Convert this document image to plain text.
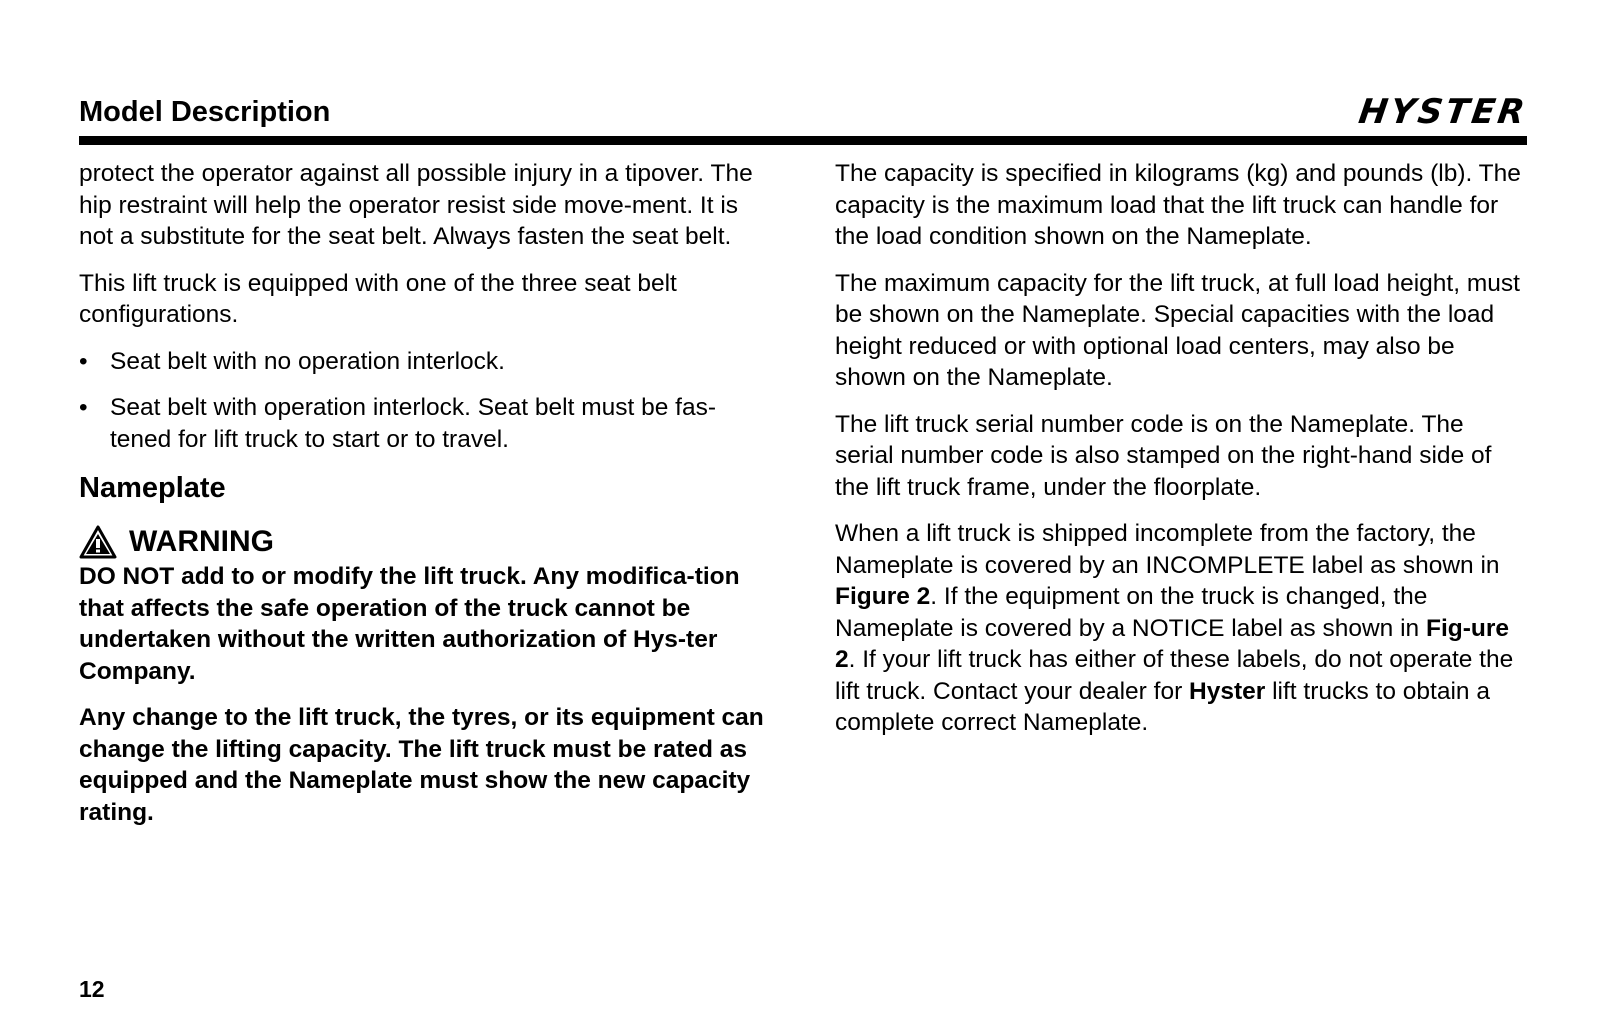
Model Description	HYSTER

protect the operator against all possible injury in a tipover. The hip restraint will help the operator resist side move-ment. It is not a substitute for the seat belt. Always fasten the seat belt.

This lift truck is equipped with one of the three seat belt configurations.

• Seat belt with no operation interlock.
• Seat belt with operation interlock. Seat belt must be fas-tened for lift truck to start or to travel.
Nameplate
WARNING

DO NOT add to or modify the lift truck. Any modifica-tion that affects the safe operation of the truck cannot be undertaken without the written authorization of Hys-ter Company.

Any change to the lift truck, the tyres, or its equipment can change the lifting capacity. The lift truck must be rated as equipped and the Nameplate must show the new capacity rating.

The capacity is specified in kilograms (kg) and pounds (lb). The capacity is the maximum load that the lift truck can handle for the load condition shown on the Nameplate.

The maximum capacity for the lift truck, at full load height, must be shown on the Nameplate. Special capacities with the load height reduced or with optional load centers, may also be shown on the Nameplate.

The lift truck serial number code is on the Nameplate. The serial number code is also stamped on the right-hand side of the lift truck frame, under the floorplate.

When a lift truck is shipped incomplete from the factory, the Nameplate is covered by an INCOMPLETE label as shown in Figure 2. If the equipment on the truck is changed, the Nameplate is covered by a NOTICE label as shown in Fig-ure 2. If your lift truck has either of these labels, do not operate the lift truck. Contact your dealer for Hyster lift trucks to obtain a complete correct Nameplate.

12
